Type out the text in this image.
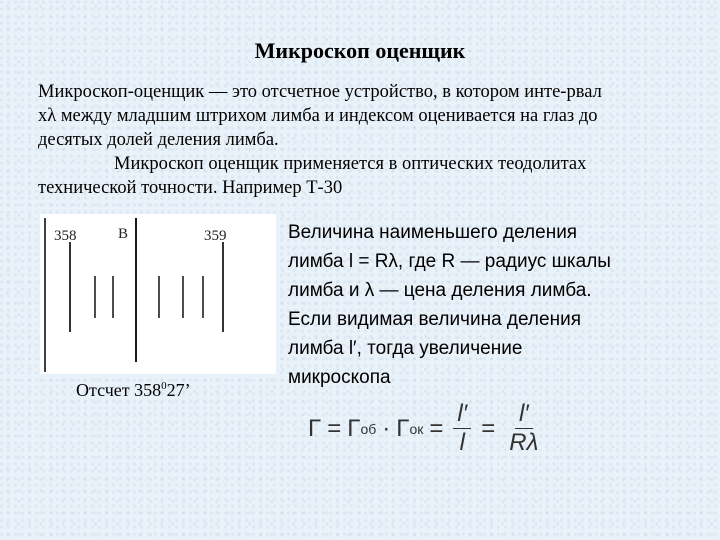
Микроскоп оценщик
Микроскоп-оценщик — это отсчетное устройство, в котором инте-рвал
xλ между младшим штрихом лимба и индексом оценивается на глаз до
десятых долей деления лимба.
Микроскоп оценщик применяется в оптических теодолитах
технической точности. Например Т-30
358	B	359
Отсчет $358^027$’
Величина наименьшего деления
лимба l = Rλ, где R — радиус шкалы
лимба и λ — цена деления лимба.
Если видимая величина деления
лимба l′, тогда увеличение
микроскопа
Γ = Γ об · Γ ок = $\frac{l'}{l} = \frac{l'}{R\lambda}$
